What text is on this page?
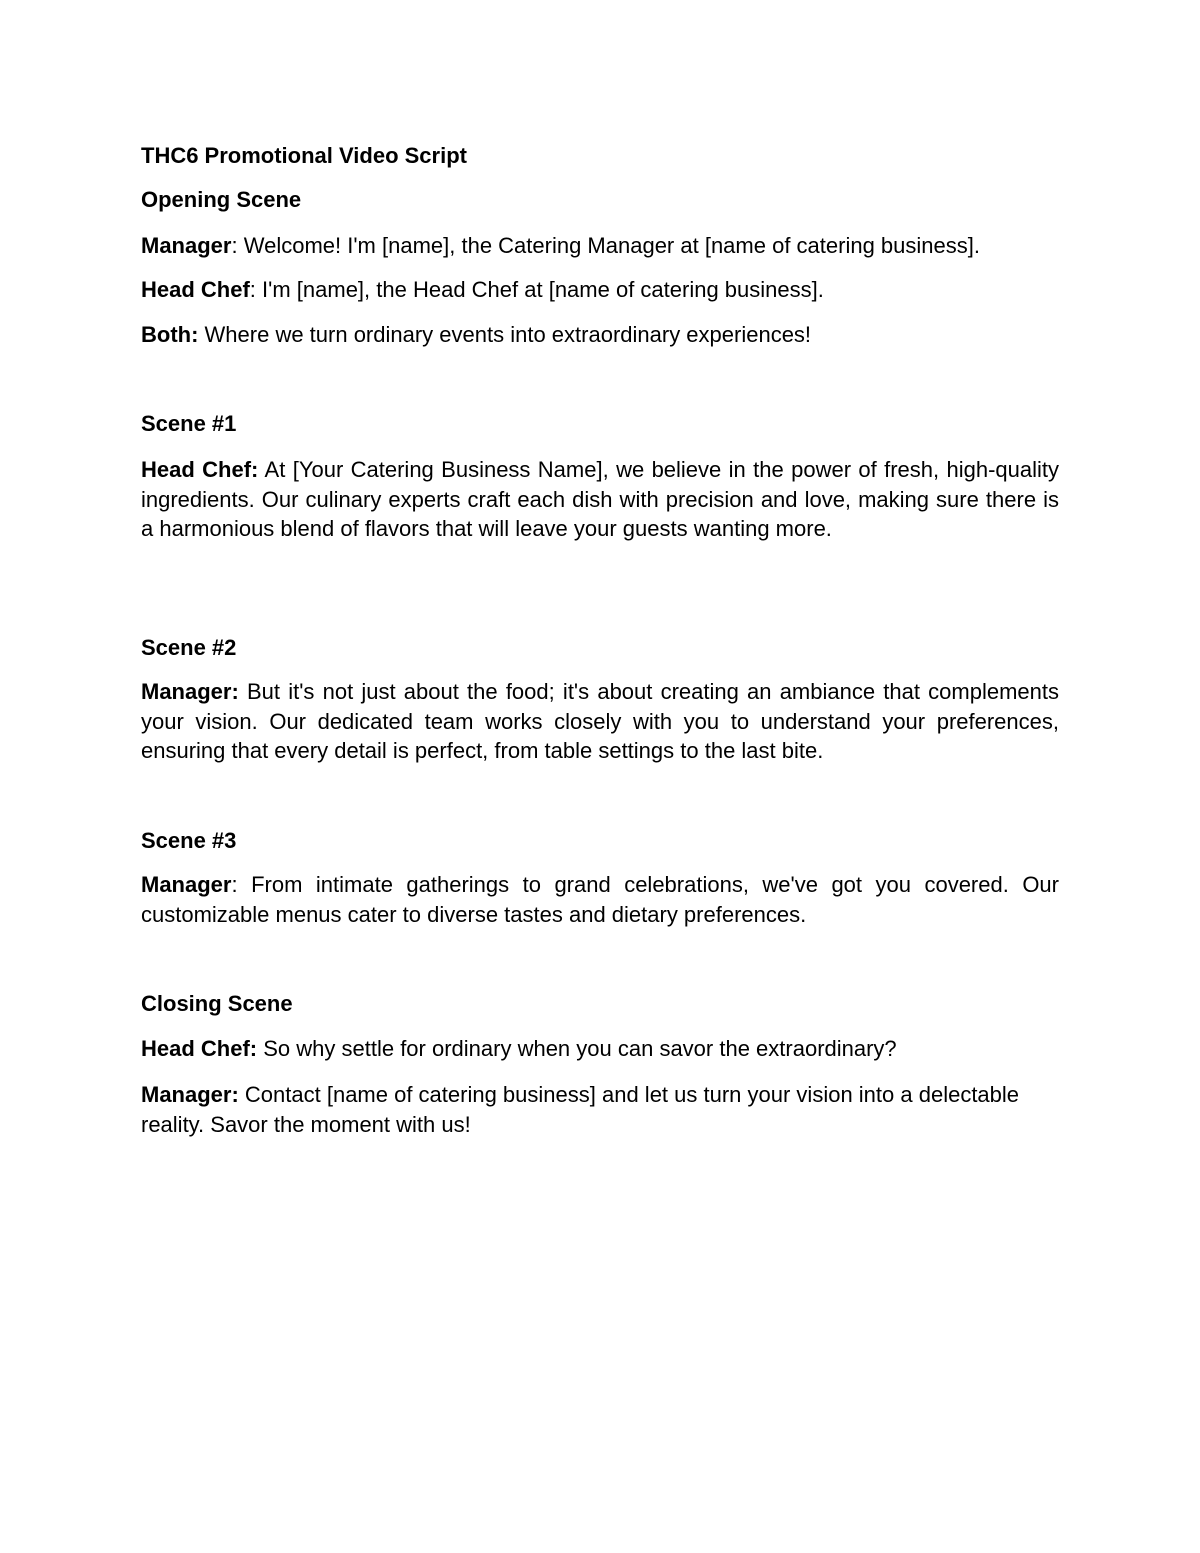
THC6 Promotional Video Script

Opening Scene

Manager: Welcome! I'm [name], the Catering Manager at [name of catering business].

Head Chef: I'm [name], the Head Chef at [name of catering business].

Both: Where we turn ordinary events into extraordinary experiences!

Scene #1

Head Chef: At [Your Catering Business Name], we believe in the power of fresh, high-quality ingredients. Our culinary experts craft each dish with precision and love, making sure there is a harmonious blend of flavors that will leave your guests wanting more.

Scene #2

Manager: But it's not just about the food; it's about creating an ambiance that complements your vision. Our dedicated team works closely with you to understand your preferences, ensuring that every detail is perfect, from table settings to the last bite.

Scene #3

Manager: From intimate gatherings to grand celebrations, we've got you covered. Our customizable menus cater to diverse tastes and dietary preferences.

Closing Scene

Head Chef: So why settle for ordinary when you can savor the extraordinary?

Manager: Contact [name of catering business] and let us turn your vision into a delectable reality. Savor the moment with us!
